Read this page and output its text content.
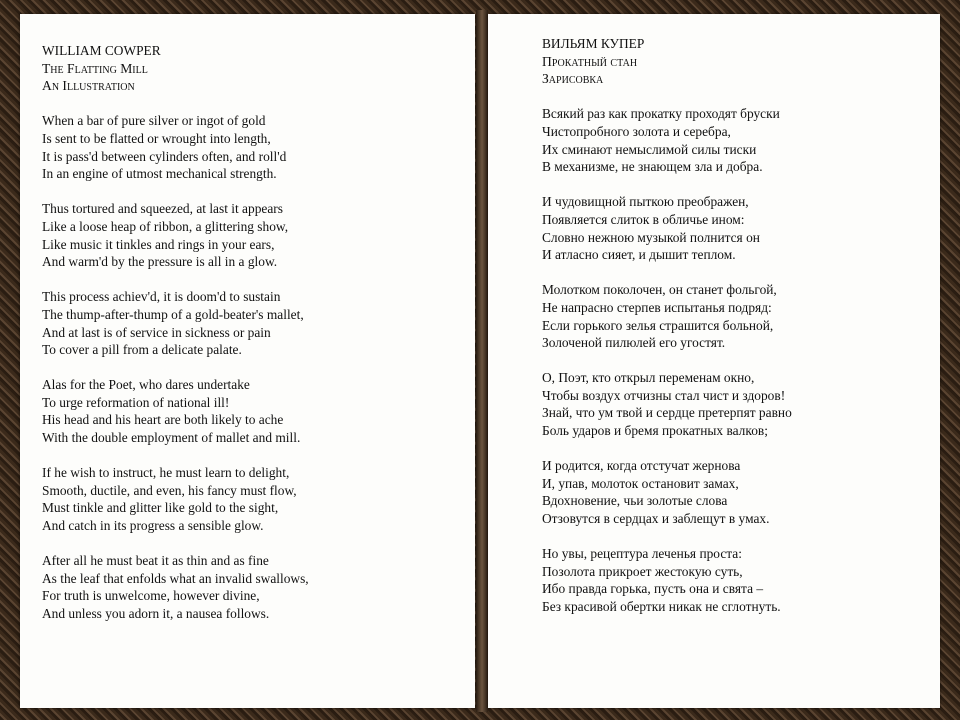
WILLIAM COWPER
The Flatting Mill
An Illustration
When a bar of pure silver or ingot of gold
Is sent to be flatted or wrought into length,
It is pass'd between cylinders often, and roll'd
In an engine of utmost mechanical strength.
Thus tortured and squeezed, at last it appears
Like a loose heap of ribbon, a glittering show,
Like music it tinkles and rings in your ears,
And warm'd by the pressure is all in a glow.
This process achiev'd, it is doom'd to sustain
The thump-after-thump of a gold-beater's mallet,
And at last is of service in sickness or pain
To cover a pill from a delicate palate.
Alas for the Poet, who dares undertake
To urge reformation of national ill!
His head and his heart are both likely to ache
With the double employment of mallet and mill.
If he wish to instruct, he must learn to delight,
Smooth, ductile, and even, his fancy must flow,
Must tinkle and glitter like gold to the sight,
And catch in its progress a sensible glow.
After all he must beat it as thin and as fine
As the leaf that enfolds what an invalid swallows,
For truth is unwelcome, however divine,
And unless you adorn it, a nausea follows.
ВИЛЬЯМ КУПЕР
Прокатный стан
Зарисовка
Всякий раз как прокатку проходят бруски
Чистопробного золота и серебра,
Их сминают немыслимой силы тиски
В механизме, не знающем зла и добра.
И чудовищной пыткою преображен,
Появляется слиток в обличье ином:
Словно нежною музыкой полнится он
И атласно сияет, и дышит теплом.
Молотком поколочен, он станет фольгой,
Не напрасно стерпев испытанья подряд:
Если горького зелья страшится больной,
Золоченой пилюлей его угостят.
О, Поэт, кто открыл переменам окно,
Чтобы воздух отчизны стал чист и здоров!
Знай, что ум твой и сердце претерпят равно
Боль ударов и бремя прокатных валков;
И родится, когда отстучат жернова
И, упав, молоток остановит замах,
Вдохновение, чьи золотые слова
Отзовутся в сердцах и заблещут в умах.
Но увы, рецептура леченья проста:
Позолота прикроет жестокую суть,
Ибо правда горька, пусть она и свята –
Без красивой обертки никак не сглотнуть.
